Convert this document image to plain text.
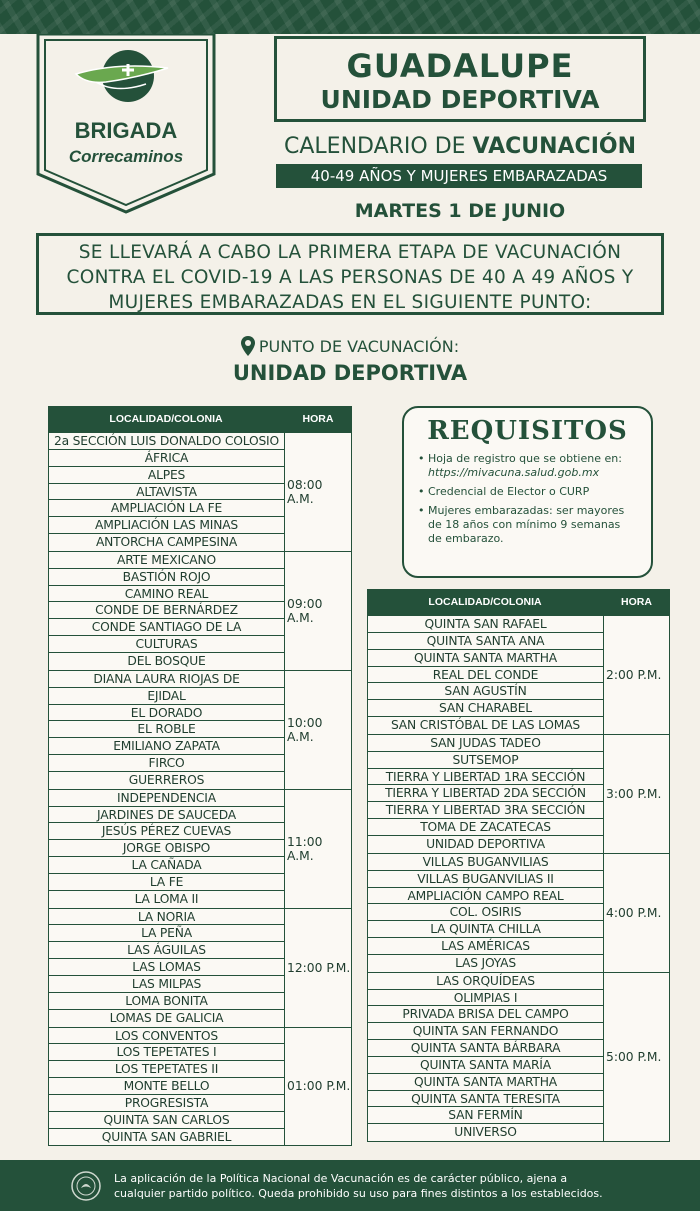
BRIGADA
Correcaminos
GUADALUPE
UNIDAD DEPORTIVA
CALENDARIO DE VACUNACIÓN
40-49 AÑOS Y MUJERES EMBARAZADAS
MARTES 1 DE JUNIO
SE LLEVARÁ A CABO LA PRIMERA ETAPA DE VACUNACIÓN
CONTRA EL COVID-19 A LAS PERSONAS DE 40 A 49 AÑOS Y
MUJERES EMBARAZADAS EN EL SIGUIENTE PUNTO:
PUNTO DE VACUNACIÓN:
UNIDAD DEPORTIVA
LOCALIDAD/COLONIA	HORA
2a SECCIÓN LUIS DONALDO COLOSIO
ÁFRICA
ALPES
ALTAVISTA
AMPLIACIÓN LA FE
AMPLIACIÓN LAS MINAS
ANTORCHA CAMPESINA
08:00 A.M.
ARTE MEXICANO
BASTIÓN ROJO
CAMINO REAL
CONDE DE BERNÁRDEZ
CONDE SANTIAGO DE LA
CULTURAS
DEL BOSQUE
09:00 A.M.
DIANA LAURA RIOJAS DE
EJIDAL
EL DORADO
EL ROBLE
EMILIANO ZAPATA
FIRCO
GUERREROS
10:00 A.M.
INDEPENDENCIA
JARDINES DE SAUCEDA
JESÚS PÉREZ CUEVAS
JORGE OBISPO
LA CAÑADA
LA FE
LA LOMA II
11:00 A.M.
LA NORIA
LA PEÑA
LAS ÁGUILAS
LAS LOMAS
LAS MILPAS
LOMA BONITA
LOMAS DE GALICIA
12:00 P.M.
LOS CONVENTOS
LOS TEPETATES I
LOS TEPETATES II
MONTE BELLO
PROGRESISTA
QUINTA SAN CARLOS
QUINTA SAN GABRIEL
01:00 P.M.
REQUISITOS
• Hoja de registro que se obtiene en: https://mivacuna.salud.gob.mx
• Credencial de Elector o CURP
• Mujeres embarazadas: ser mayores de 18 años con mínimo 9 semanas de embarazo.
LOCALIDAD/COLONIA	HORA
QUINTA SAN RAFAEL
QUINTA SANTA ANA
QUINTA SANTA MARTHA
REAL DEL CONDE
SAN AGUSTÍN
SAN CHARABEL
SAN CRISTÓBAL DE LAS LOMAS
2:00 P.M.
SAN JUDAS TADEO
SUTSEMOP
TIERRA Y LIBERTAD 1RA SECCIÓN
TIERRA Y LIBERTAD 2DA SECCIÓN
TIERRA Y LIBERTAD 3RA SECCIÓN
TOMA DE ZACATECAS
UNIDAD DEPORTIVA
3:00 P.M.
VILLAS BUGANVILIAS
VILLAS BUGANVILIAS II
AMPLIACIÓN CAMPO REAL
COL. OSIRIS
LA QUINTA CHILLA
LAS AMÉRICAS
LAS JOYAS
4:00 P.M.
LAS ORQUÍDEAS
OLIMPIAS I
PRIVADA BRISA DEL CAMPO
QUINTA SAN FERNANDO
QUINTA SANTA BÁRBARA
QUINTA SANTA MARÍA
QUINTA SANTA MARTHA
QUINTA SANTA TERESITA
SAN FERMÍN
UNIVERSO
5:00 P.M.
La aplicación de la Política Nacional de Vacunación es de carácter público, ajena a
cualquier partido político. Queda prohibido su uso para fines distintos a los establecidos.
